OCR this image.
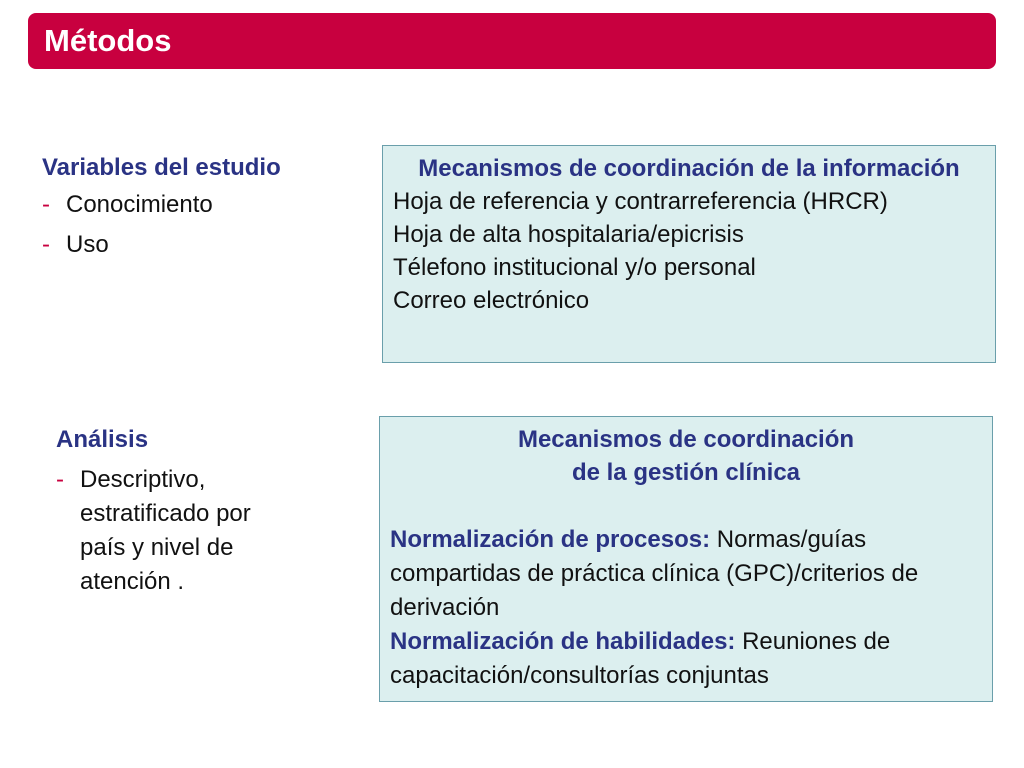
Métodos
Variables del estudio
- Conocimiento
- Uso
Análisis
- Descriptivo, estratificado por país y nivel de atención .
Mecanismos de coordinación de la información
Hoja de referencia y contrarreferencia (HRCR)
Hoja de alta hospitalaria/epicrisis
Télefono institucional y/o personal
Correo electrónico
Mecanismos de coordinación
de la gestión clínica
Normalización de procesos: Normas/guías compartidas de práctica clínica (GPC)/criterios de derivación
Normalización de habilidades: Reuniones de capacitación/consultorías conjuntas
